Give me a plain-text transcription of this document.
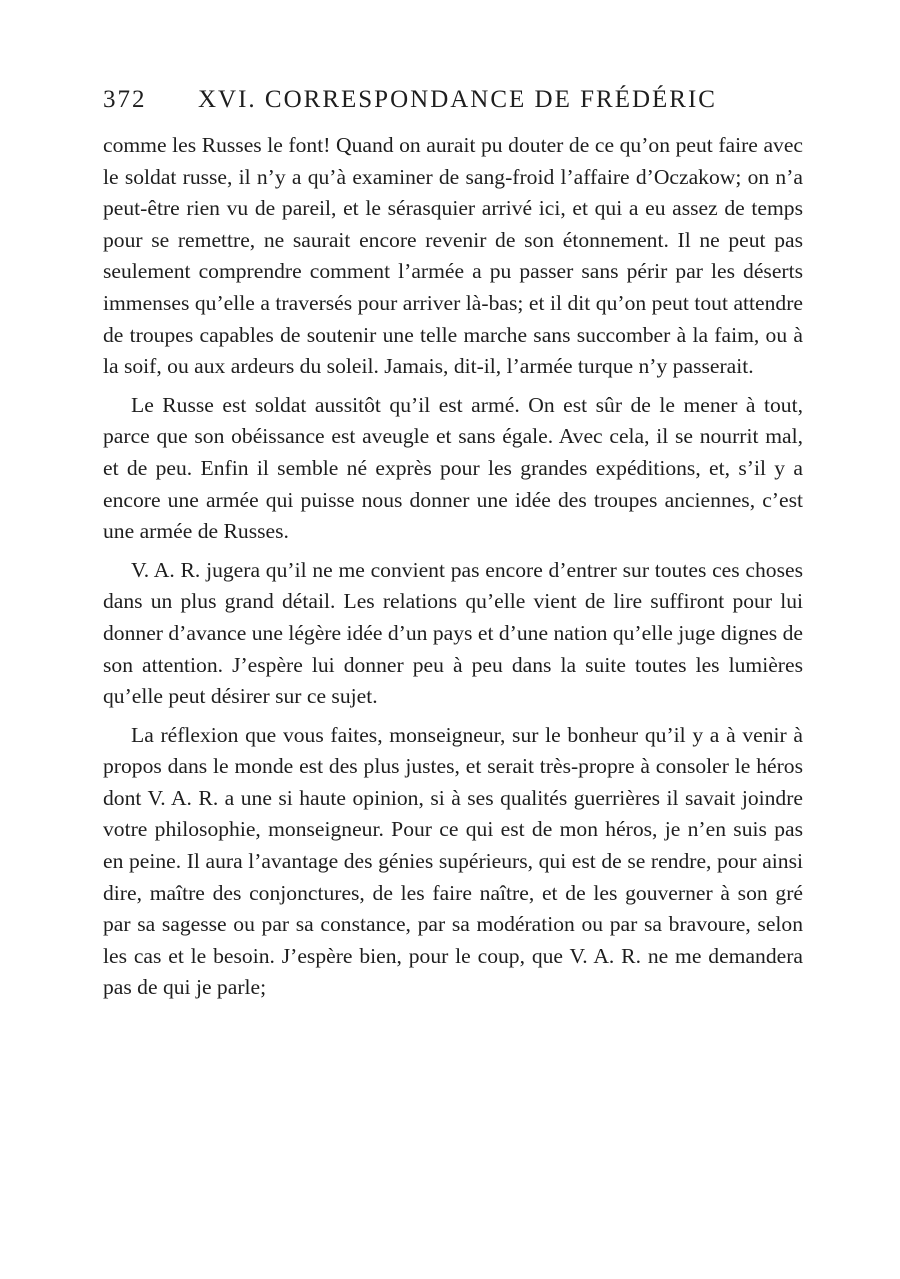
372 XVI. CORRESPONDANCE DE FRÉDÉRIC

comme les Russes le font! Quand on aurait pu douter de ce qu’on peut faire avec le soldat russe, il n’y a qu’à examiner de sang-froid l’affaire d’Oczakow; on n’a peut-être rien vu de pareil, et le sérasquier arrivé ici, et qui a eu assez de temps pour se remettre, ne saurait encore revenir de son étonnement. Il ne peut pas seulement comprendre comment l’armée a pu passer sans périr par les déserts immenses qu’elle a traversés pour arriver là-bas; et il dit qu’on peut tout attendre de troupes capables de soutenir une telle marche sans succomber à la faim, ou à la soif, ou aux ardeurs du soleil. Jamais, dit-il, l’armée turque n’y passerait.

Le Russe est soldat aussitôt qu’il est armé. On est sûr de le mener à tout, parce que son obéissance est aveugle et sans égale. Avec cela, il se nourrit mal, et de peu. Enfin il semble né exprès pour les grandes expéditions, et, s’il y a encore une armée qui puisse nous donner une idée des troupes anciennes, c’est une armée de Russes.

V. A. R. jugera qu’il ne me convient pas encore d’entrer sur toutes ces choses dans un plus grand détail. Les relations qu’elle vient de lire suffiront pour lui donner d’avance une légère idée d’un pays et d’une nation qu’elle juge dignes de son attention. J’espère lui donner peu à peu dans la suite toutes les lumières qu’elle peut désirer sur ce sujet.

La réflexion que vous faites, monseigneur, sur le bonheur qu’il y a à venir à propos dans le monde est des plus justes, et serait très-propre à consoler le héros dont V. A. R. a une si haute opinion, si à ses qualités guerrières il savait joindre votre philosophie, monseigneur. Pour ce qui est de mon héros, je n’en suis pas en peine. Il aura l’avantage des génies supérieurs, qui est de se rendre, pour ainsi dire, maître des conjonctures, de les faire naître, et de les gouverner à son gré par sa sagesse ou par sa constance, par sa modération ou par sa bravoure, selon les cas et le besoin. J’espère bien, pour le coup, que V. A. R. ne me demandera pas de qui je parle;
